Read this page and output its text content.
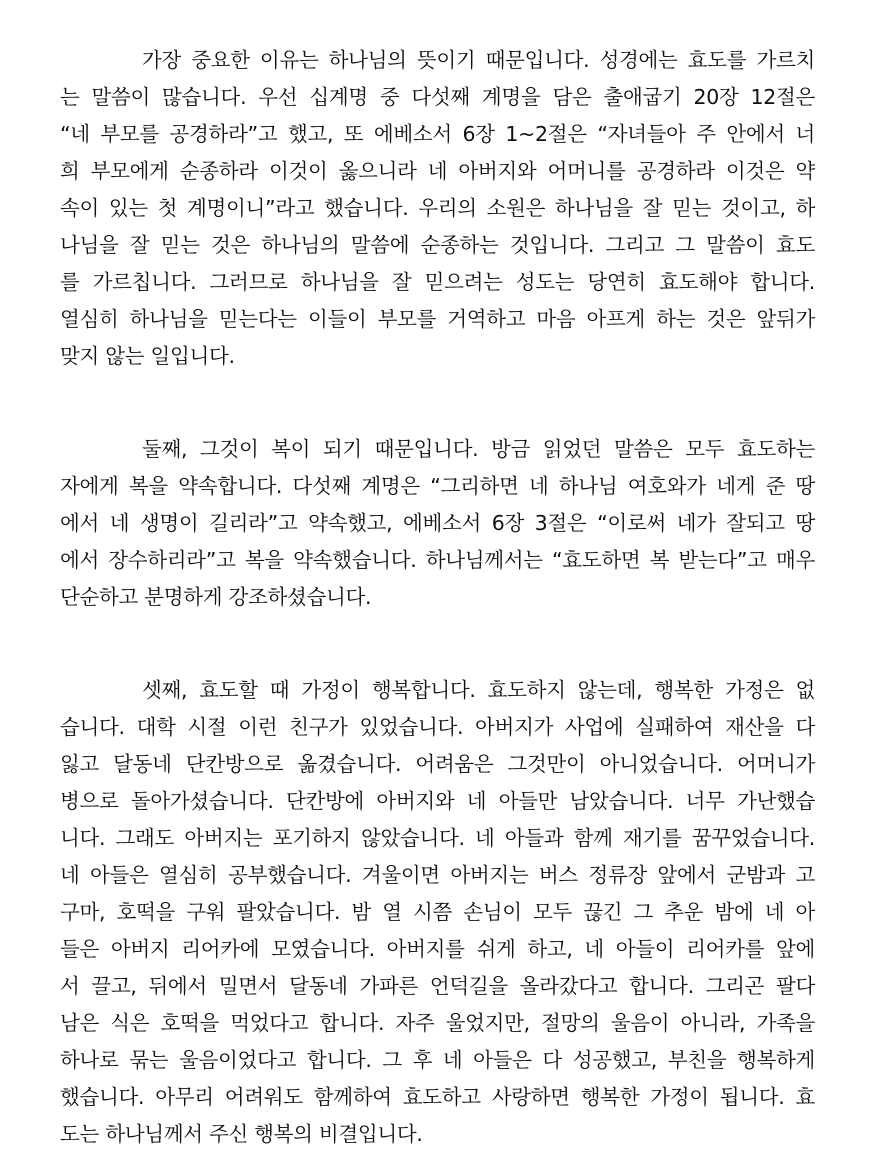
가장 중요한 이유는 하나님의 뜻이기 때문입니다. 성경에는 효도를 가르치
는 말씀이 많습니다. 우선 십계명 중 다섯째 계명을 담은 출애굽기 20장 12절은
“네 부모를 공경하라”고 했고, 또 에베소서 6장 1~2절은 “자녀들아 주 안에서 너
희 부모에게 순종하라 이것이 옳으니라 네 아버지와 어머니를 공경하라 이것은 약
속이 있는 첫 계명이니”라고 했습니다. 우리의 소원은 하나님을 잘 믿는 것이고, 하
나님을 잘 믿는 것은 하나님의 말씀에 순종하는 것입니다. 그리고 그 말씀이 효도
를 가르칩니다. 그러므로 하나님을 잘 믿으려는 성도는 당연히 효도해야 합니다.
열심히 하나님을 믿는다는 이들이 부모를 거역하고 마음 아프게 하는 것은 앞뒤가
맞지 않는 일입니다.
둘째, 그것이 복이 되기 때문입니다. 방금 읽었던 말씀은 모두 효도하는
자에게 복을 약속합니다. 다섯째 계명은 “그리하면 네 하나님 여호와가 네게 준 땅
에서 네 생명이 길리라”고 약속했고, 에베소서 6장 3절은 “이로써 네가 잘되고 땅
에서 장수하리라”고 복을 약속했습니다. 하나님께서는 “효도하면 복 받는다”고 매우
단순하고 분명하게 강조하셨습니다.
셋째, 효도할 때 가정이 행복합니다. 효도하지 않는데, 행복한 가정은 없
습니다. 대학 시절 이런 친구가 있었습니다. 아버지가 사업에 실패하여 재산을 다
잃고 달동네 단칸방으로 옮겼습니다. 어려움은 그것만이 아니었습니다. 어머니가
병으로 돌아가셨습니다. 단칸방에 아버지와 네 아들만 남았습니다. 너무 가난했습
니다. 그래도 아버지는 포기하지 않았습니다. 네 아들과 함께 재기를 꿈꾸었습니다.
네 아들은 열심히 공부했습니다. 겨울이면 아버지는 버스 정류장 앞에서 군밤과 고
구마, 호떡을 구워 팔았습니다. 밤 열 시쯤 손님이 모두 끊긴 그 추운 밤에 네 아
들은 아버지 리어카에 모였습니다. 아버지를 쉬게 하고, 네 아들이 리어카를 앞에
서 끌고, 뒤에서 밀면서 달동네 가파른 언덕길을 올라갔다고 합니다. 그리곤 팔다
남은 식은 호떡을 먹었다고 합니다. 자주 울었지만, 절망의 울음이 아니라, 가족을
하나로 묶는 울음이었다고 합니다. 그 후 네 아들은 다 성공했고, 부친을 행복하게
했습니다. 아무리 어려워도 함께하여 효도하고 사랑하면 행복한 가정이 됩니다. 효
도는 하나님께서 주신 행복의 비결입니다.
